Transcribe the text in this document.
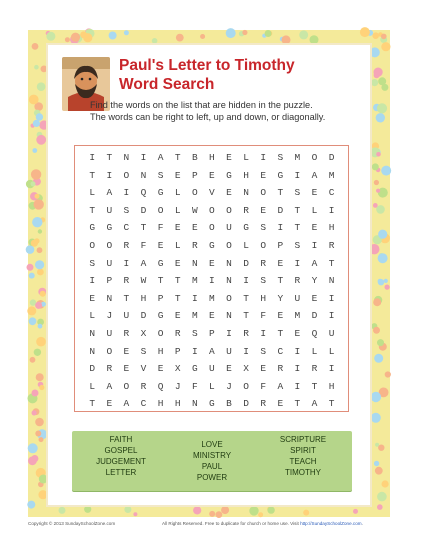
Paul's Letter to Timothy
Word Search
Find the words on the list that are hidden in the puzzle.
The words can be right to left, up and down, or diagonally.
I	T	N	I	A	T	B	H	E	L	I	S	M	O	D
T	I	O	N	S	E	P	E	G	H	E	G	I	A	M
L	A	I	Q	G	L	O	V	E	N	O	T	S	E	C
T	U	S	D	O	L	W	O	O	R	E	D	T	L	I
G	G	C	T	F	E	E	O	U	G	S	I	T	E	H
O	O	R	F	E	L	R	G	O	L	O	P	S	I	R
S	U	I	A	G	E	N	E	N	D	R	E	I	A	T
I	P	R	W	T	T	M	I	N	I	S	T	R	Y	N
E	N	T	H	P	T	I	M	O	T	H	Y	U	E	I
L	J	U	D	G	E	M	E	N	T	F	E	M	D	I
N	U	R	X	O	R	S	P	I	R	I	T	E	Q	U
N	O	E	S	H	P	I	A	U	I	S	C	I	L	L
D	R	E	V	E	X	G	U	E	X	E	R	I	R	I
L	A	O	R	Q	J	F	L	J	O	F	A	I	T	H
T	E	A	C	H	H	N	G	B	D	R	E	T	A	T
FAITH
GOSPEL
JUDGEMENT
LETTER
LOVE
MINISTRY
PAUL
POWER
SCRIPTURE
SPIRIT
TEACH
TIMOTHY
Copyright © 2013 SundaySchoolZone.com	All Rights Reserved. Free to duplicate for church or home use. Visit http://SundaySchoolZone.com.
